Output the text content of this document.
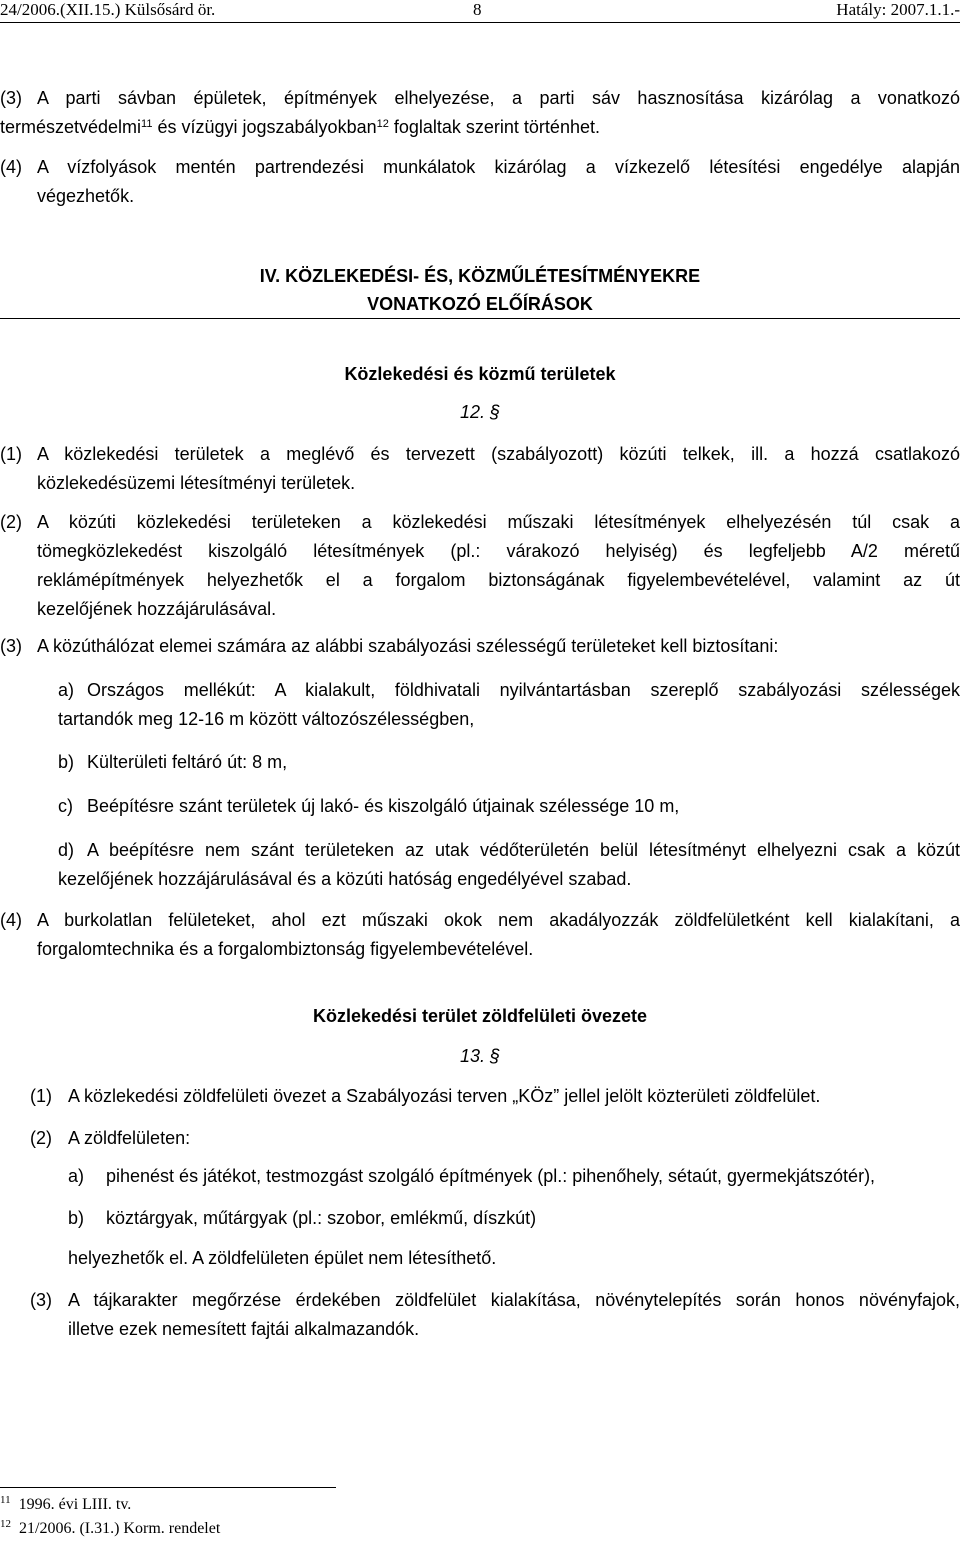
24/2006.(XII.15.) Külsősárd ör.	8	Hatály: 2007.1.1.-
(3) A parti sávban épületek, építmények elhelyezése, a parti sáv hasznosítása kizárólag a vonatkozó
természetvédelmi$^{11}$ és vízügyi jogszabályokban$^{12}$ foglaltak szerint történhet.
(4) A vízfolyások mentén partrendezési munkálatok kizárólag a vízkezelő létesítési engedélye alapján
végezhetők.
IV. KÖZLEKEDÉSI- ÉS, KÖZMŰLÉTESÍTMÉNYEKRE
VONATKOZÓ ELŐÍRÁSOK
Közlekedési és közmű területek
12. §
(1) A közlekedési területek a meglévő és tervezett (szabályozott) közúti telkek, ill. a hozzá csatlakozó
közlekedésüzemi létesítményi területek.
(2) A közúti közlekedési területeken a közlekedési műszaki létesítmények elhelyezésén túl csak a
tömegközlekedést kiszolgáló létesítmények (pl.: várakozó helyiség) és legfeljebb A/2 méretű
reklámépítmények helyezhetők el a forgalom biztonságának figyelembevételével, valamint az út
kezelőjének hozzájárulásával.
(3) A közúthálózat elemei számára az alábbi szabályozási szélességű területeket kell biztosítani:
a) Országos mellékút: A kialakult, földhivatali nyilvántartásban szereplő szabályozási szélességek
tartandók meg 12-16 m között változószélességben,
b) Külterületi feltáró út: 8 m,
c) Beépítésre szánt területek új lakó- és kiszolgáló útjainak szélessége 10 m,
d) A beépítésre nem szánt területeken az utak védőterületén belül létesítményt elhelyezni csak a közút
kezelőjének hozzájárulásával és a közúti hatóság engedélyével szabad.
(4) A burkolatlan felületeket, ahol ezt műszaki okok nem akadályozzák zöldfelületként kell kialakítani, a
forgalomtechnika és a forgalombiztonság figyelembevételével.
Közlekedési terület zöldfelületi övezete
13. §
(1) A közlekedési zöldfelületi övezet a Szabályozási terven „KÖz” jellel jelölt közterületi zöldfelület.
(2) A zöldfelületen:
a) pihenést és játékot, testmozgást szolgáló építmények (pl.: pihenőhely, sétaút, gyermekjátszótér),
b) köztárgyak, műtárgyak (pl.: szobor, emlékmű, díszkút)
helyezhetők el. A zöldfelületen épület nem létesíthető.
(3) A tájkarakter megőrzése érdekében zöldfelület kialakítása, növénytelepítés során honos növényfajok,
illetve ezek nemesített fajtái alkalmazandók.
$^{11}$ 1996. évi LIII. tv.
$^{12}$ 21/2006. (I.31.) Korm. rendelet
